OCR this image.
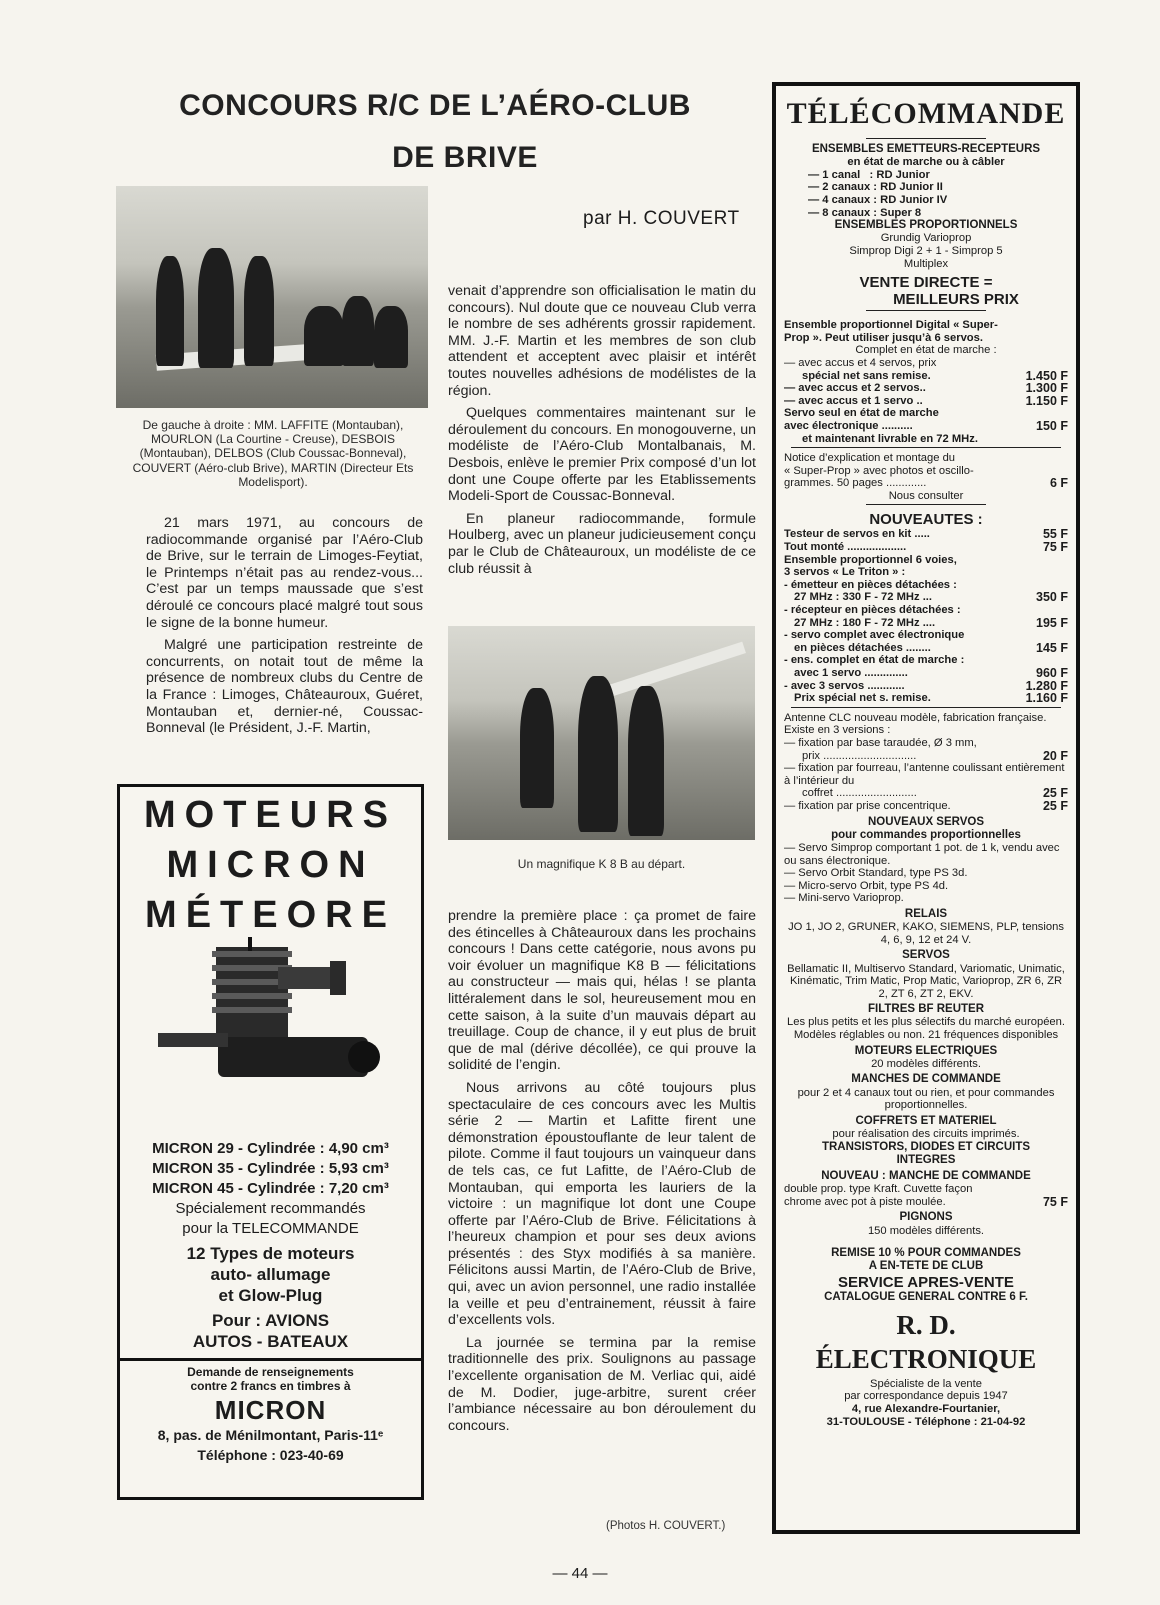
CONCOURS R/C DE L’AÉRO-CLUB
DE BRIVE
par H. COUVERT
De gauche à droite : MM. LAFFITE (Montauban), MOURLON (La Courtine - Creuse), DESBOIS (Montauban), DELBOS (Club Coussac-Bonneval), COUVERT (Aéro-club Brive), MARTIN (Directeur Ets Modelisport).

21 mars 1971, au concours de radiocommande organisé par l’Aéro-Club de Brive, sur le terrain de Limoges-Feytiat, le Printemps n’était pas au rendez-vous... C’est par un temps maussade que s’est déroulé ce concours placé malgré tout sous le signe de la bonne humeur.

Malgré une participation restreinte de concurrents, on notait tout de même la présence de nombreux clubs du Centre de la France : Limoges, Châteauroux, Guéret, Montauban et, dernier-né, Coussac-Bonneval (le Président, J.-F. Martin,

venait d’apprendre son officialisation le matin du concours). Nul doute que ce nouveau Club verra le nombre de ses adhérents grossir rapidement. MM. J.-F. Martin et les membres de son club attendent et acceptent avec plaisir et intérêt toutes nouvelles adhésions de modélistes de la région.

Quelques commentaires maintenant sur le déroulement du concours. En monogouverne, un modéliste de l’Aéro-Club Montalbanais, M. Desbois, enlève le premier Prix composé d’un lot dont une Coupe offerte par les Etablissements Modeli-Sport de Coussac-Bonneval.

En planeur radiocommande, formule Houlberg, avec un planeur judicieusement conçu par le Club de Châteauroux, un modéliste de ce club réussit à

Un magnifique K 8 B au départ.

prendre la première place : ça promet de faire des étincelles à Châteauroux dans les prochains concours ! Dans cette catégorie, nous avons pu voir évoluer un magnifique K8 B — félicitations au constructeur — mais qui, hélas ! se planta littéralement dans le sol, heureusement mou en cette saison, à la suite d’un mauvais départ au treuillage. Coup de chance, il y eut plus de bruit que de mal (dérive décollée), ce qui prouve la solidité de l’engin.

Nous arrivons au côté toujours plus spectaculaire de ces concours avec les Multis série 2 — Martin et Lafitte firent une démonstration époustouflante de leur talent de pilote. Comme il faut toujours un vainqueur dans de tels cas, ce fut Lafitte, de l’Aéro-Club de Montauban, qui emporta les lauriers de la victoire : un magnifique lot dont une Coupe offerte par l’Aéro-Club de Brive. Félicitations à l’heureux champion et pour ses deux avions présentés : des Styx modifiés à sa manière. Félicitons aussi Martin, de l’Aéro-Club de Brive, qui, avec un avion personnel, une radio installée la veille et peu d’entrainement, réussit à faire d’excellents vols.

La journée se termina par la remise traditionnelle des prix. Soulignons au passage l’excellente organisation de M. Verliac qui, aidé de M. Dodier, juge-arbitre, surent créer l’ambiance nécessaire au bon déroulement du concours.

(Photos H. COUVERT.)
MOTEURS
MICRON
MÉTEORE
MICRON 29 - Cylindrée : 4,90 cm³
MICRON 35 - Cylindrée : 5,93 cm³
MICRON 45 - Cylindrée : 7,20 cm³
Spécialement recommandés
pour la TELECOMMANDE
12 Types de moteurs
auto- allumage
et Glow-Plug
Pour : AVIONS
AUTOS - BATEAUX
Demande de renseignements
contre 2 francs en timbres à
MICRON
8, pas. de Ménilmontant, Paris-11ᵉ
Téléphone : 023-40-69
TÉLÉCOMMANDE
ENSEMBLES EMETTEURS-RECEPTEURS
en état de marche ou à câbler
— 1 canal   : RD Junior
— 2 canaux : RD Junior II
— 4 canaux : RD Junior IV
— 8 canaux : Super 8
ENSEMBLES PROPORTIONNELS
Grundig Varioprop
Simprop Digi 2 + 1 - Simprop 5
Multiplex
VENTE DIRECTE =
MEILLEURS PRIX
Ensemble proportionnel Digital « Super-
Prop ». Peut utiliser jusqu’à 6 servos.
Complet en état de marche :
— avec accus et 4 servos, prix
spécial net sans remise.	1.450 F
— avec accus et 2 servos..	1.300 F
— avec accus et 1 servo ..	1.150 F
Servo seul en état de marche
avec électronique ..........	150 F
et maintenant livrable en 72 MHz.
Notice d’explication et montage du
« Super-Prop » avec photos et oscillo-
grammes. 50 pages .............	6 F
Nous consulter
NOUVEAUTES :
Testeur de servos en kit .....	55 F
Tout monté ...................	75 F
Ensemble proportionnel 6 voies,
3 servos « Le Triton » :
- émetteur en pièces détachées :
27 MHz : 330 F - 72 MHz ...	350 F
- récepteur en pièces détachées :
27 MHz : 180 F - 72 MHz ....	195 F
- servo complet avec électronique
en pièces détachées ........	145 F
- ens. complet en état de marche :
avec 1 servo ..............	960 F
- avec 3 servos ............	1.280 F
Prix spécial net s. remise.	1.160 F
Antenne CLC nouveau modèle, fabrication française. Existe en 3 versions :
— fixation par base taraudée, Ø 3 mm,
prix ..............................	20 F
— fixation par fourreau, l’antenne coulissant entièrement à l’intérieur du
coffret ..........................	25 F
— fixation par prise concentrique.	25 F
NOUVEAUX SERVOS
pour commandes proportionnelles
— Servo Simprop comportant 1 pot. de 1 k, vendu avec ou sans électronique.
— Servo Orbit Standard, type PS 3d.
— Micro-servo Orbit, type PS 4d.
— Mini-servo Varioprop.
RELAIS
JO 1, JO 2, GRUNER, KAKO, SIEMENS, PLP, tensions 4, 6, 9, 12 et 24 V.
SERVOS
Bellamatic II, Multiservo Standard, Variomatic, Unimatic, Kinématic, Trim Matic, Prop Matic, Varioprop, ZR 6, ZR 2, ZT 6, ZT 2, EKV.
FILTRES BF REUTER
Les plus petits et les plus sélectifs du marché européen. Modèles réglables ou non. 21 fréquences disponibles
MOTEURS ELECTRIQUES
20 modèles différents.
MANCHES DE COMMANDE
pour 2 et 4 canaux tout ou rien, et pour commandes proportionnelles.
COFFRETS ET MATERIEL
pour réalisation des circuits imprimés.
TRANSISTORS, DIODES ET CIRCUITS INTEGRES
NOUVEAU : MANCHE DE COMMANDE
double prop. type Kraft. Cuvette façon
chrome avec pot à piste moulée.	75 F
PIGNONS
150 modèles différents.
REMISE 10 % POUR COMMANDES
A EN-TETE DE CLUB
SERVICE APRES-VENTE
CATALOGUE GENERAL CONTRE 6 F.
R. D. ÉLECTRONIQUE
Spécialiste de la vente
par correspondance depuis 1947
4, rue Alexandre-Fourtanier,
31-TOULOUSE - Téléphone : 21-04-92
— 44 —
